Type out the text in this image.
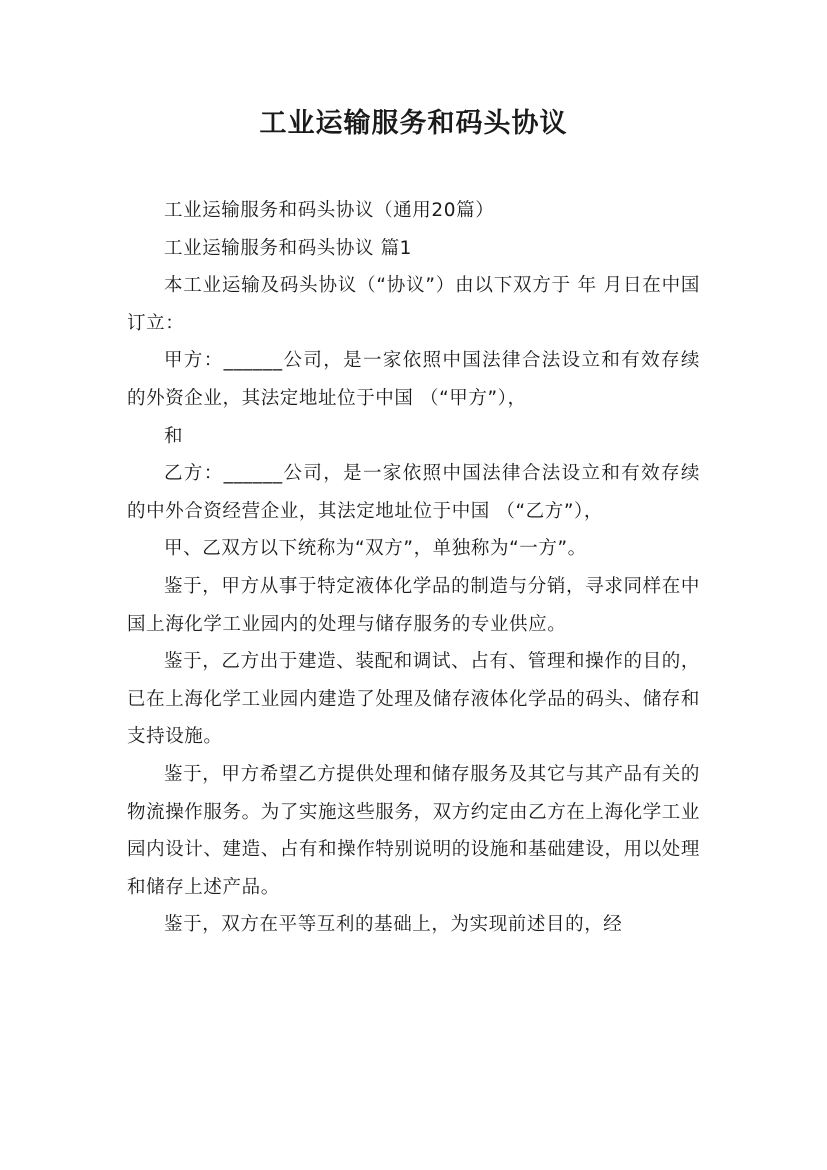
工业运输服务和码头协议

工业运输服务和码头协议（通用20篇）

工业运输服务和码头协议 篇1

本工业运输及码头协议（“协议”）由以下双方于 年 月日在中国 订立：

甲方：______公司，是一家依照中国法律合法设立和有效存续的外资企业，其法定地址位于中国 （“甲方”），

和

乙方：______公司，是一家依照中国法律合法设立和有效存续的中外合资经营企业，其法定地址位于中国 （“乙方”），

甲、乙双方以下统称为“双方”，单独称为“一方”。

鉴于，甲方从事于特定液体化学品的制造与分销，寻求同样在中国上海化学工业园内的处理与储存服务的专业供应。

鉴于，乙方出于建造、装配和调试、占有、管理和操作的目的，已在上海化学工业园内建造了处理及储存液体化学品的码头、储存和支持设施。

鉴于，甲方希望乙方提供处理和储存服务及其它与其产品有关的物流操作服务。为了实施这些服务，双方约定由乙方在上海化学工业园内设计、建造、占有和操作特别说明的设施和基础建设，用以处理和储存上述产品。

鉴于，双方在平等互利的基础上，为实现前述目的，经
